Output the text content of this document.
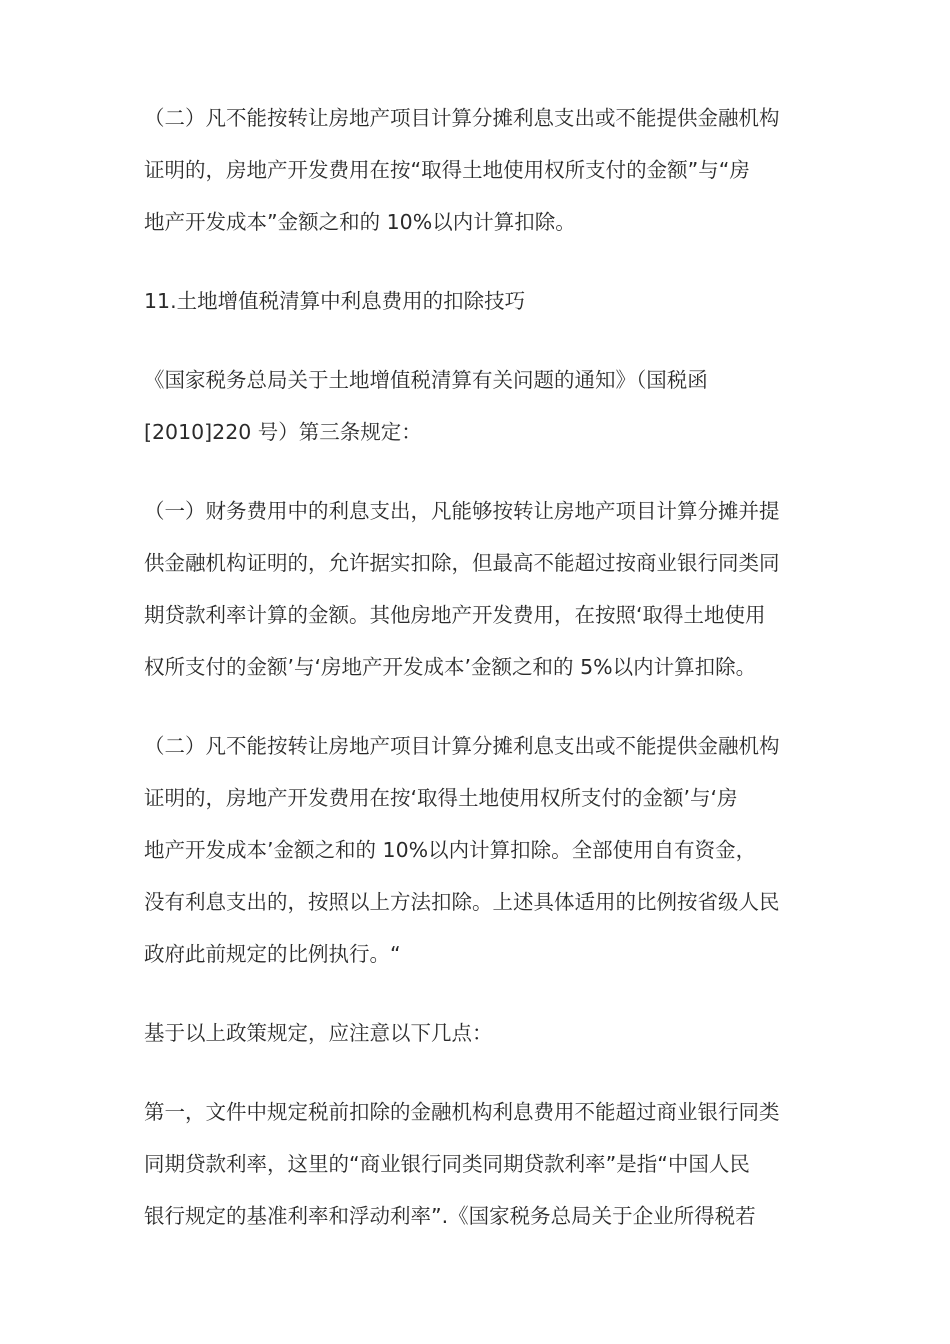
（二）凡不能按转让房地产项目计算分摊利息支出或不能提供金融机构
证明的，房地产开发费用在按“取得土地使用权所支付的金额”与“房
地产开发成本”金额之和的 10%以内计算扣除。
11.土地增值税清算中利息费用的扣除技巧
《国家税务总局关于土地增值税清算有关问题的通知》（国税函
[2010]220 号）第三条规定：
（一）财务费用中的利息支出，凡能够按转让房地产项目计算分摊并提
供金融机构证明的，允许据实扣除，但最高不能超过按商业银行同类同
期贷款利率计算的金额。其他房地产开发费用，在按照‘取得土地使用
权所支付的金额’与‘房地产开发成本’金额之和的 5%以内计算扣除。
（二）凡不能按转让房地产项目计算分摊利息支出或不能提供金融机构
证明的，房地产开发费用在按‘取得土地使用权所支付的金额’与‘房
地产开发成本’金额之和的 10%以内计算扣除。全部使用自有资金，
没有利息支出的，按照以上方法扣除。上述具体适用的比例按省级人民
政府此前规定的比例执行。“
基于以上政策规定，应注意以下几点：
第一，文件中规定税前扣除的金融机构利息费用不能超过商业银行同类
同期贷款利率，这里的“商业银行同类同期贷款利率”是指“中国人民
银行规定的基准利率和浮动利率”.《国家税务总局关于企业所得税若
